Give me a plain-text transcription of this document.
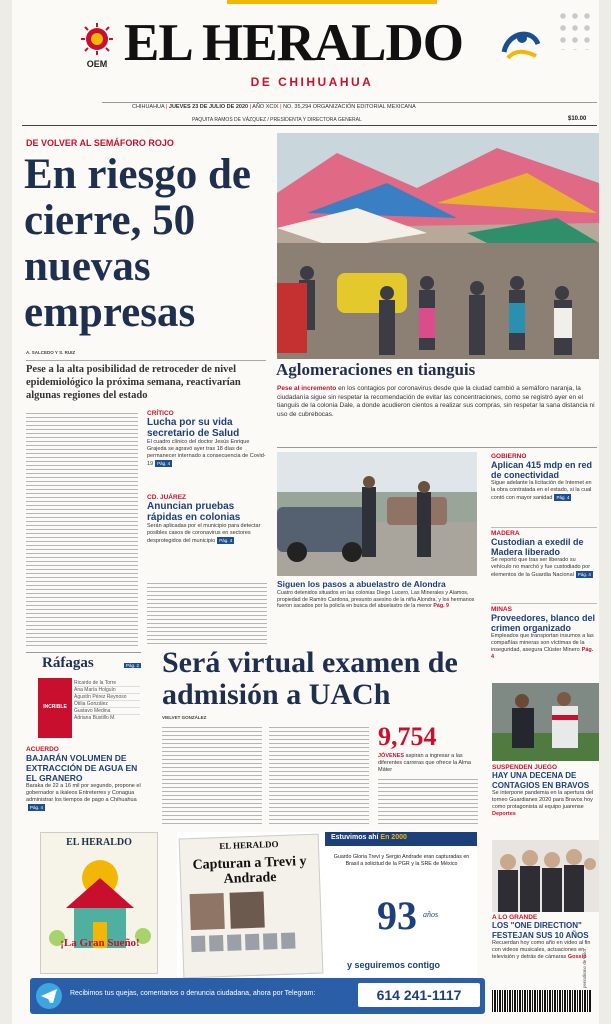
OEM EL HERALDO
DE CHIHUAHUA
CHIHUAHUA | JUEVES 23 DE JULIO DE 2020 | AÑO XCIX | NO. 35,294 ORGANIZACIÓN EDITORIAL MEXICANA
PAQUITA RAMOS DE VÁZQUEZ / PRESIDENTA Y DIRECTORA GENERAL	$10.00
DE VOLVER AL SEMÁFORO ROJO
En riesgo de cierre, 50 nuevas empresas
A. SALCEDO Y S. RUIZ
Pese a la alta posibilidad de retroceder de nivel epidemiológico la próxima semana, reactivarían algunas regiones del estado
CRÍTICO
Lucha por su vida secretario de Salud
El cuadro clínico del doctor Jesús Enrique Grajeda se agravó ayer tras 18 días de permanecer internado a consecuencia de Covid-19 Pág. 4
CD. JUÁREZ
Anuncian pruebas rápidas en colonias
Serán aplicadas por el municipio para detectar posibles casos de coronavirus en sectores desprotegidos del municipio Pág. 4
Aglomeraciones en tianguis
Pese al incremento en los contagios por coronavirus desde que la ciudad cambió a semáforo naranja, la ciudadanía sigue sin respetar la recomendación de evitar las concentraciones, como se registró ayer en el tianguis de la colonia Dale, a donde acudieron cientos a realizar sus compras, sin respetar la sana distancia ni uso de cubrebocas.
Siguen los pasos a abuelastro de Alondra
Cuatro detenidos situados en las colonias Diego Lucero, Las Minerales y Alamos, propiedad de Ramiro Cardona, presunto asesino de la niña Alondra, y los hermanos fueron sacados por la policía en busca del abuelastro de la menor Pág. 9
GOBIERNO
Aplican 415 mdp en red de conectividad
Sigue adelante la licitación de Internet en la obra contratada en el estado, si la cual contó con mayor sanidad Pág. 4
MADERA
Custodian a exedil de Madera liberado
Se reportó que tras ser liberado su vehículo no marchó y fue custodiado por elementos de la Guardia Nacional Pág. 4
MINAS
Proveedores, blanco del crimen organizado
Empleados que transportan insumos a las compañías mineras son víctimas de la inseguridad, asegura Clúster Minero Pág. 4
Ráfagas	Pág. 2
INCRIBLE
Ricardo de la Torre
Ana María Holguín
Agustín Pérez Reynoso
Otilia González
Gustavo Medina
Adriana Bustillo M.
ACUERDO
BAJARÁN VOLUMEN DE EXTRACCIÓN DE AGUA EN EL GRANERO
Baraka de 22 a 16 mil por segundo, propone el gobernador a ikaleos Entreterres y Conagua administrar los tiempos de pago a ChihuahuaPág. 4
Será virtual examen de admisión a UACh
VIELVET GONZÁLEZ
9,754
JÓVENES aspiran a ingresar a las diferentes carreras que ofrece la Alma Máter	SUSPENDEN JUEGO
HAY UNA DECENA DE CONTAGIOS EN BRAVOS
Se interpone pandemia en la apertura del torneo Guardianes 2020 para Bravos hoy como protagonista al equipo juarense Deportes
A LO GRANDE
LOS "ONE DIRECTION" FESTEJAN SUS 10 AÑOS
Recuerdan hoy como año en video al fin con videos musicales, actuaciones en televisión y detrás de cámaras Gossip
EL HERALDO
¡La Gran Sueño!
Estuvimos ahí En 2000
EL HERALDO
Capturan a Trevi y Andrade
Guardo Gloria Trevi y Sergio Andrade eran capturadas en Brasil a solicitud de la PGR y la SRE de México
93 años
y seguiremos contigo	periodismo de valor
Recibimos tus quejas, comentarios o denuncia ciudadana, ahora por Telegram:	614 241-1117
